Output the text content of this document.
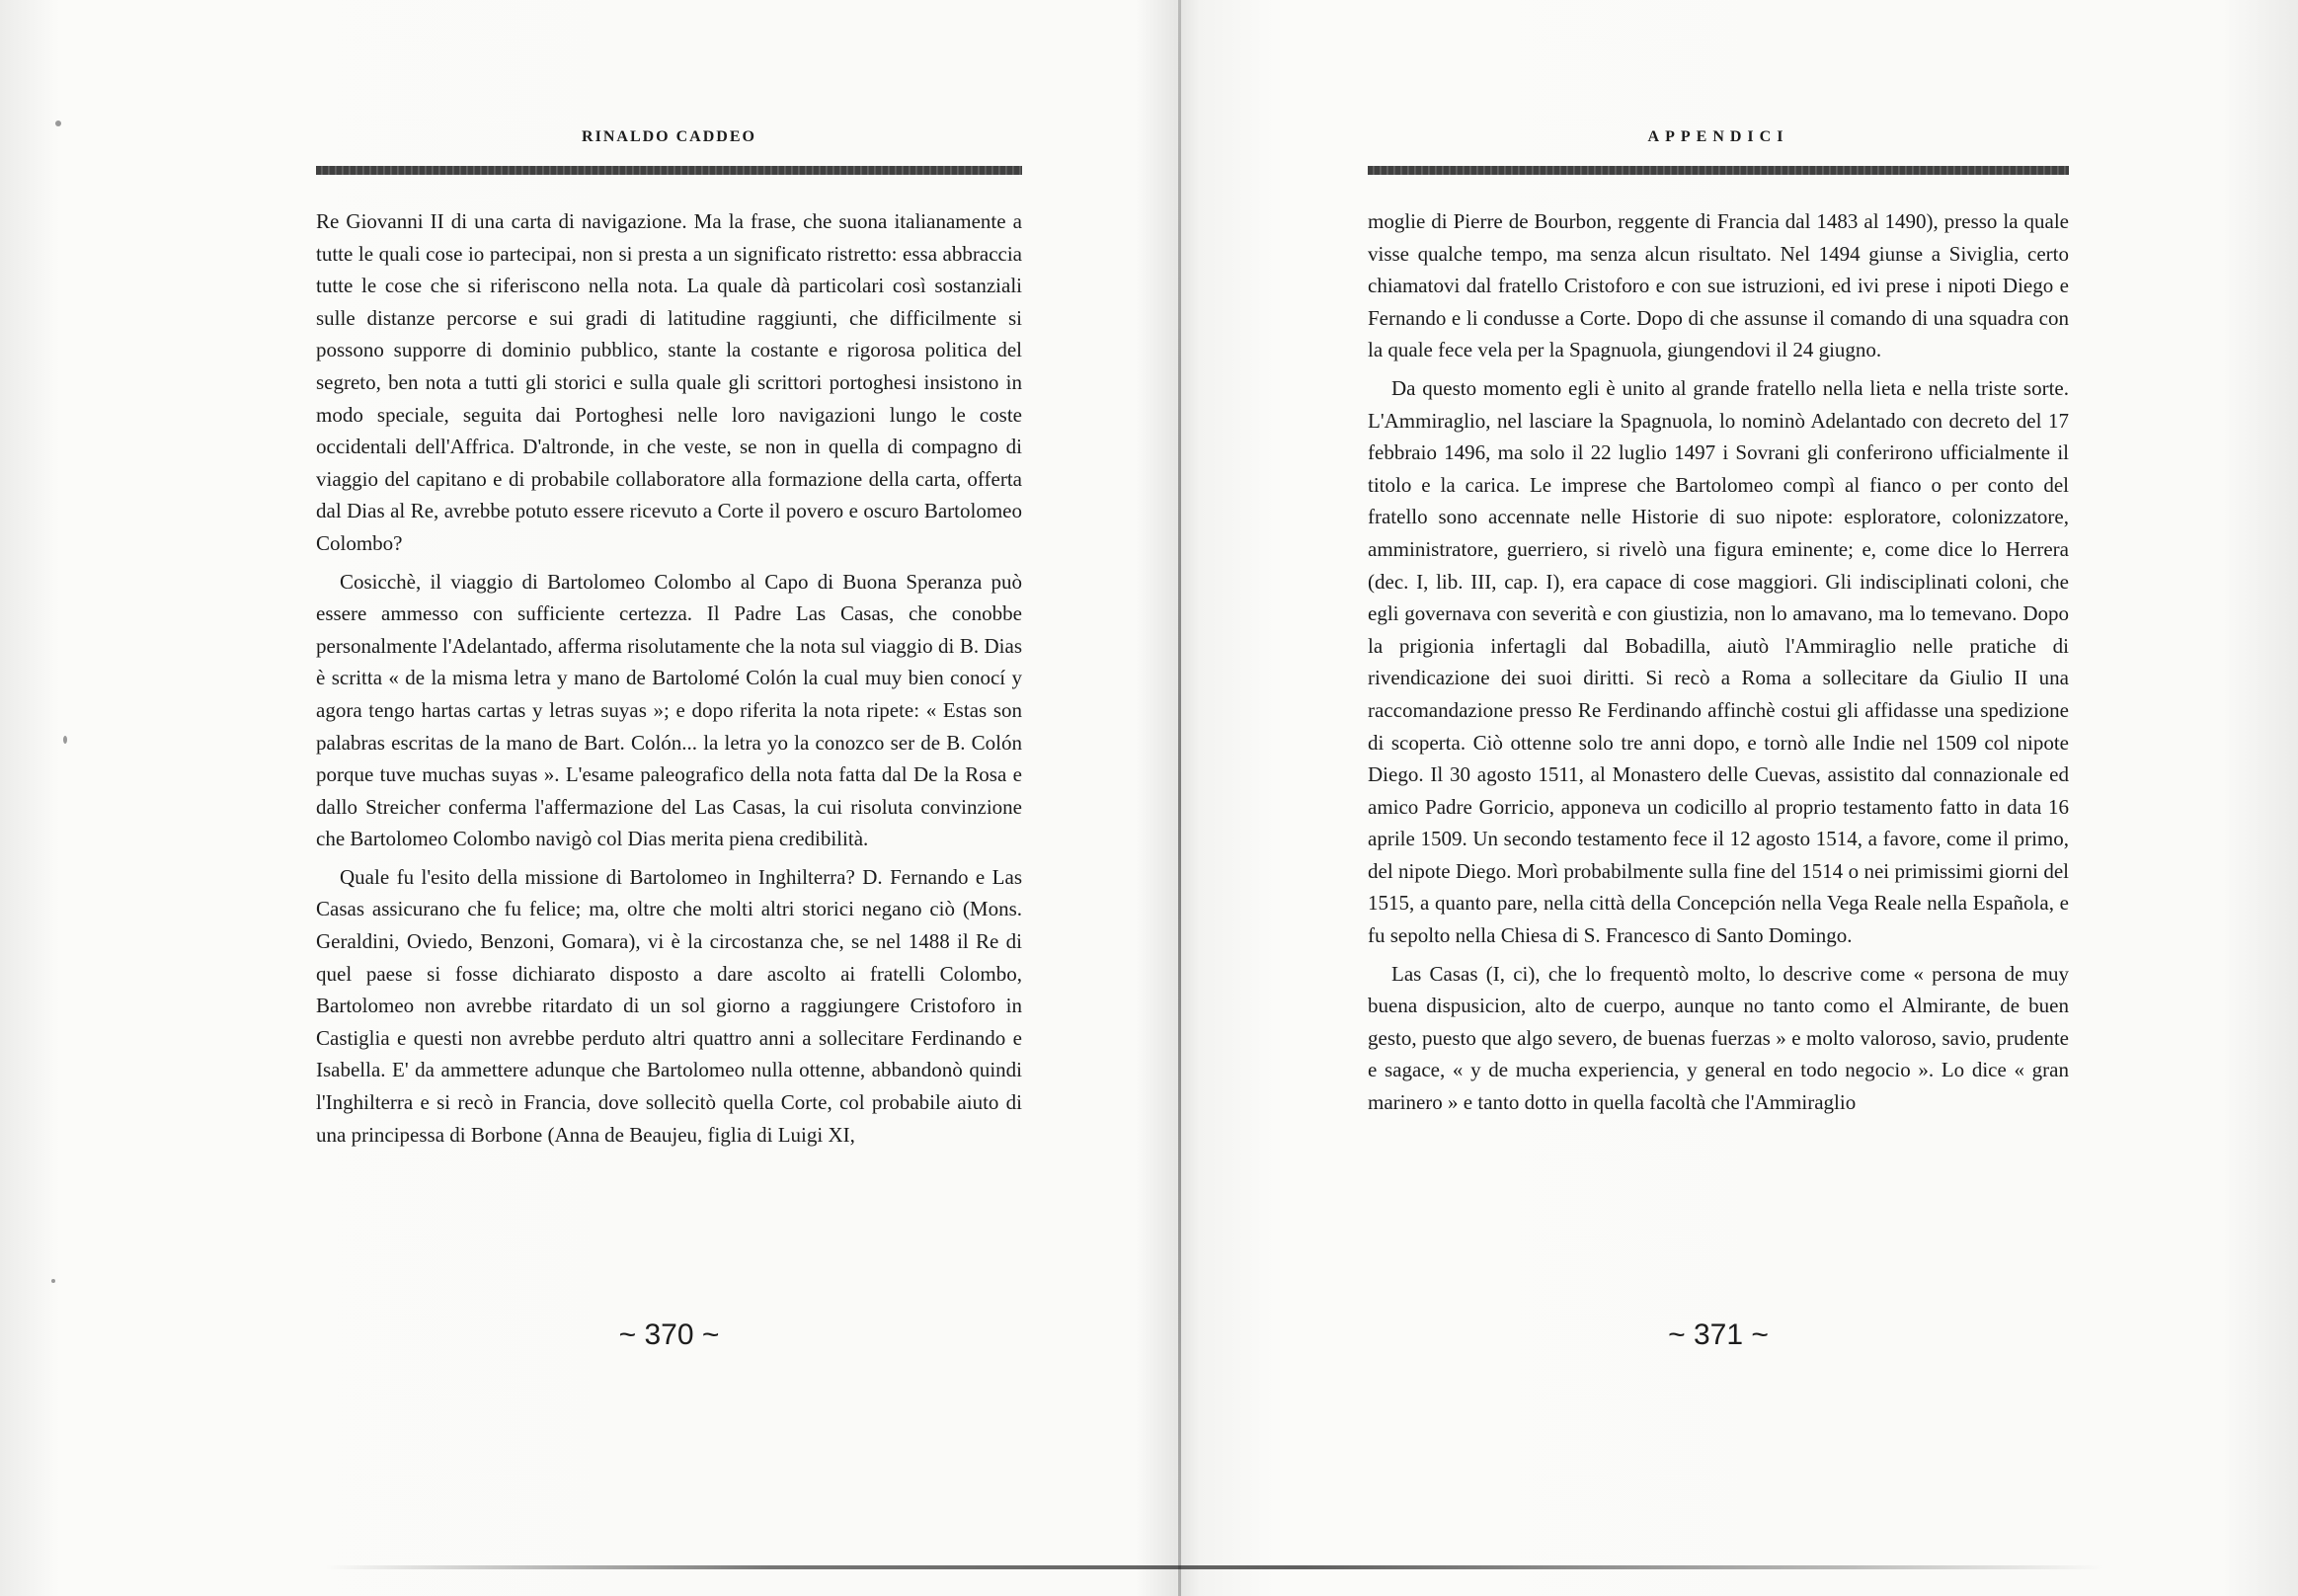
RINALDO CADDEO

Re Giovanni II di una carta di navigazione. Ma la frase, che suona italianamente a tutte le quali cose io partecipai, non si presta a un significato ristretto: essa abbraccia tutte le cose che si riferiscono nella nota. La quale dà particolari così sostanziali sulle distanze percorse e sui gradi di latitudine raggiunti, che difficilmente si possono supporre di dominio pubblico, stante la costante e rigorosa politica del segreto, ben nota a tutti gli storici e sulla quale gli scrittori portoghesi insistono in modo speciale, seguita dai Portoghesi nelle loro navigazioni lungo le coste occidentali dell'Affrica. D'altronde, in che veste, se non in quella di compagno di viaggio del capitano e di probabile collaboratore alla formazione della carta, offerta dal Dias al Re, avrebbe potuto essere ricevuto a Corte il povero e oscuro Bartolomeo Colombo?

Cosicchè, il viaggio di Bartolomeo Colombo al Capo di Buona Speranza può essere ammesso con sufficiente certezza. Il Padre Las Casas, che conobbe personalmente l'Adelantado, afferma risolutamente che la nota sul viaggio di B. Dias è scritta « de la misma letra y mano de Bartolomé Colón la cual muy bien conocí y agora tengo hartas cartas y letras suyas »; e dopo riferita la nota ripete: « Estas son palabras escritas de la mano de Bart. Colón... la letra yo la conozco ser de B. Colón porque tuve muchas suyas ». L'esame paleografico della nota fatta dal De la Rosa e dallo Streicher conferma l'affermazione del Las Casas, la cui risoluta convinzione che Bartolomeo Colombo navigò col Dias merita piena credibilità.

Quale fu l'esito della missione di Bartolomeo in Inghilterra? D. Fernando e Las Casas assicurano che fu felice; ma, oltre che molti altri storici negano ciò (Mons. Geraldini, Oviedo, Benzoni, Gomara), vi è la circostanza che, se nel 1488 il Re di quel paese si fosse dichiarato disposto a dare ascolto ai fratelli Colombo, Bartolomeo non avrebbe ritardato di un sol giorno a raggiungere Cristoforo in Castiglia e questi non avrebbe perduto altri quattro anni a sollecitare Ferdinando e Isabella. E' da ammettere adunque che Bartolomeo nulla ottenne, abbandonò quindi l'Inghilterra e si recò in Francia, dove sollecitò quella Corte, col probabile aiuto di una principessa di Borbone (Anna de Beaujeu, figlia di Luigi XI,

~ 370 ~
APPENDICI

moglie di Pierre de Bourbon, reggente di Francia dal 1483 al 1490), presso la quale visse qualche tempo, ma senza alcun risultato. Nel 1494 giunse a Siviglia, certo chiamatovi dal fratello Cristoforo e con sue istruzioni, ed ivi prese i nipoti Diego e Fernando e li condusse a Corte. Dopo di che assunse il comando di una squadra con la quale fece vela per la Spagnuola, giungendovi il 24 giugno.

Da questo momento egli è unito al grande fratello nella lieta e nella triste sorte. L'Ammiraglio, nel lasciare la Spagnuola, lo nominò Adelantado con decreto del 17 febbraio 1496, ma solo il 22 luglio 1497 i Sovrani gli conferirono ufficialmente il titolo e la carica. Le imprese che Bartolomeo compì al fianco o per conto del fratello sono accennate nelle Historie di suo nipote: esploratore, colonizzatore, amministratore, guerriero, si rivelò una figura eminente; e, come dice lo Herrera (dec. I, lib. III, cap. I), era capace di cose maggiori. Gli indisciplinati coloni, che egli governava con severità e con giustizia, non lo amavano, ma lo temevano. Dopo la prigionia infertagli dal Bobadilla, aiutò l'Ammiraglio nelle pratiche di rivendicazione dei suoi diritti. Si recò a Roma a sollecitare da Giulio II una raccomandazione presso Re Ferdinando affinchè costui gli affidasse una spedizione di scoperta. Ciò ottenne solo tre anni dopo, e tornò alle Indie nel 1509 col nipote Diego. Il 30 agosto 1511, al Monastero delle Cuevas, assistito dal connazionale ed amico Padre Gorricio, apponeva un codicillo al proprio testamento fatto in data 16 aprile 1509. Un secondo testamento fece il 12 agosto 1514, a favore, come il primo, del nipote Diego. Morì probabilmente sulla fine del 1514 o nei primissimi giorni del 1515, a quanto pare, nella città della Concepción nella Vega Reale nella Española, e fu sepolto nella Chiesa di S. Francesco di Santo Domingo.

Las Casas (I, ci), che lo frequentò molto, lo descrive come « persona de muy buena dispusicion, alto de cuerpo, aunque no tanto como el Almirante, de buen gesto, puesto que algo severo, de buenas fuerzas » e molto valoroso, savio, prudente e sagace, « y de mucha experiencia, y general en todo negocio ». Lo dice « gran marinero » e tanto dotto in quella facoltà che l'Ammiraglio

~ 371 ~
